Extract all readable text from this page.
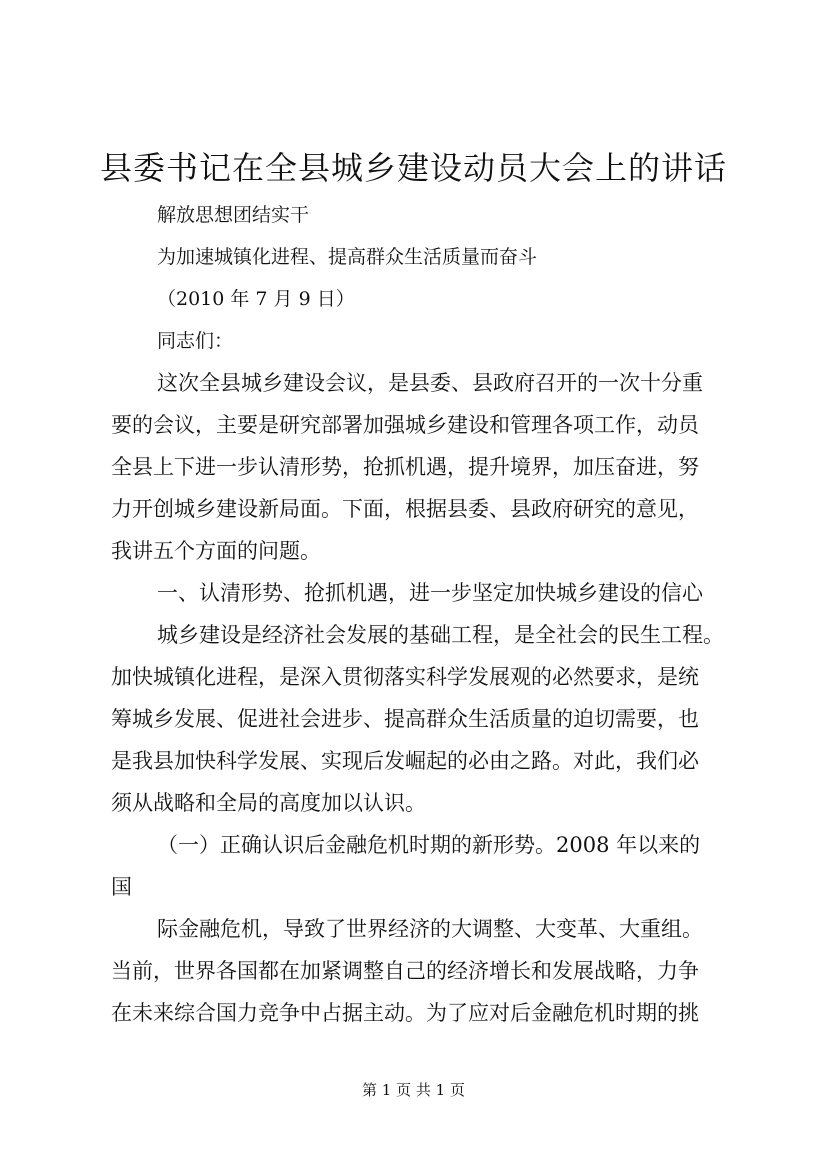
县委书记在全县城乡建设动员大会上的讲话
解放思想团结实干
为加速城镇化进程、提高群众生活质量而奋斗
（2010 年 7 月 9 日）
同志们：
这次全县城乡建设会议，是县委、县政府召开的一次十分重
要的会议，主要是研究部署加强城乡建设和管理各项工作，动员
全县上下进一步认清形势，抢抓机遇，提升境界，加压奋进，努
力开创城乡建设新局面。下面，根据县委、县政府研究的意见，
我讲五个方面的问题。
一、认清形势、抢抓机遇，进一步坚定加快城乡建设的信心
城乡建设是经济社会发展的基础工程，是全社会的民生工程。
加快城镇化进程，是深入贯彻落实科学发展观的必然要求，是统
筹城乡发展、促进社会进步、提高群众生活质量的迫切需要，也
是我县加快科学发展、实现后发崛起的必由之路。对此，我们必
须从战略和全局的高度加以认识。
（一）正确认识后金融危机时期的新形势。2008 年以来的
国
际金融危机，导致了世界经济的大调整、大变革、大重组。
当前，世界各国都在加紧调整自己的经济增长和发展战略，力争
在未来综合国力竞争中占据主动。为了应对后金融危机时期的挑
第 1 页 共 1 页
